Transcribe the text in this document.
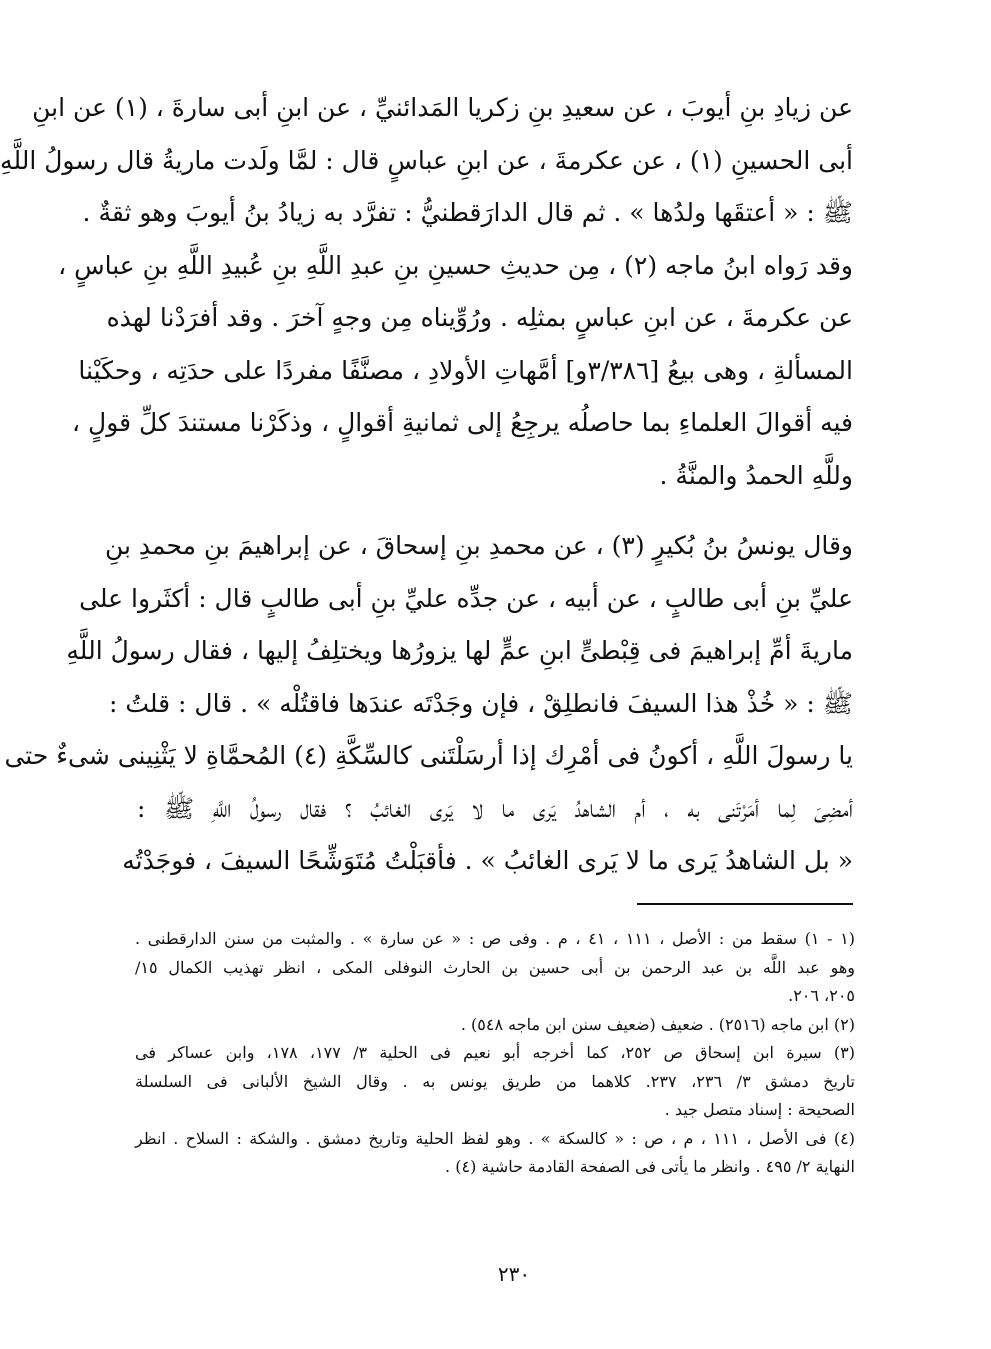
عن زيادِ بنِ أيوبَ ، عن سعيدِ بنِ زكريا المَدائنيِّ ، عن ابنِ أبى سارةَ ، (١) عن ابنِ

أبى الحسينِ (١) ، عن عكرمةَ ، عن ابنِ عباسٍ قال : لمَّا ولَدت ماريةُ قال رسولُ اللَّهِ

ﷺ : « أعتقَها ولدُها » . ثم قال الدارَقطنيُّ : تفرَّد به زيادُ بنُ أيوبَ وهو ثقةٌ .

وقد رَواه ابنُ ماجه (٢) ، مِن حديثِ حسينِ بنِ عبدِ اللَّهِ بنِ عُبيدِ اللَّهِ بنِ عباسٍ ،

عن عكرمةَ ، عن ابنِ عباسٍ بمثلِه . ورُوِّيناه مِن وجهٍ آخرَ . وقد أفرَدْنا لهذه

المسألةِ ، وهى بيعُ [٣/٣٨٦و] أمَّهاتِ الأولادِ ، مصنَّفًا مفردًا على حدَتِه ، وحكَيْنا

فيه أقوالَ العلماءِ بما حاصلُه يرجِعُ إلى ثمانيةِ أقوالٍ ، وذكَرْنا مستندَ كلِّ قولٍ ،

وللَّهِ الحمدُ والمنَّةُ .

وقال يونسُ بنُ بُكيرٍ (٣) ، عن محمدِ بنِ إسحاقَ ، عن إبراهيمَ بنِ محمدِ بنِ

عليِّ بنِ أبى طالبٍ ، عن أبيه ، عن جدِّه عليِّ بنِ أبى طالبٍ قال : أكثَروا على

ماريةَ أمِّ إبراهيمَ فى قِبْطىٍّ ابنِ عمٍّ لها يزورُها ويختلِفُ إليها ، فقال رسولُ اللَّهِ

ﷺ : « خُذْ هذا السيفَ فانطلِقْ ، فإن وجَدْتَه عندَها فاقتُلْه » . قال : قلتُ :

يا رسولَ اللَّهِ ، أكونُ فى أمْرِك إذا أرسَلْتَنى كالسِّكَّةِ (٤) المُحمَّاةِ لا يَثْنِينى شىءٌ حتى

أمضِىَ لِما أمَرْتَنى به ، أم الشاهدُ يَرى ما لا يَرى الغائبُ ؟ فقال رسولُ اللَّهِ ﷺ :

« بل الشاهدُ يَرى ما لا يَرى الغائبُ » . فأقبَلْتُ مُتَوَشِّحًا السيفَ ، فوجَدْتُه

(١ - ١) سقط من : الأصل ، ١١١ ، ٤١ ، م . وفى ص : « عن سارة » . والمثبت من سنن الدارقطنى .

وهو عبد اللَّه بن عبد الرحمن بن أبى حسين بن الحارث النوفلى المكى ، انظر تهذيب الكمال ١٥/

٢٠٥، ٢٠٦.

(٢) ابن ماجه (٢٥١٦) . ضعيف (ضعيف سنن ابن ماجه ٥٤٨) .

(٣) سيرة ابن إسحاق ص ٢٥٢، كما أخرجه أبو نعيم فى الحلية ٣/ ١٧٧، ١٧٨، وابن عساكر فى

تاريخ دمشق ٣/ ٢٣٦، ٢٣٧. كلاهما من طريق يونس به . وقال الشيخ الألبانى فى السلسلة

الصحيحة : إسناد متصل جيد .

(٤) فى الأصل ، ١١١ ، م ، ص : « كالسكة » . وهو لفظ الحلية وتاريخ دمشق . والشكة : السلاح . انظر

النهاية ٢/ ٤٩٥ . وانظر ما يأتى فى الصفحة القادمة حاشية (٤) .

٢٣٠
